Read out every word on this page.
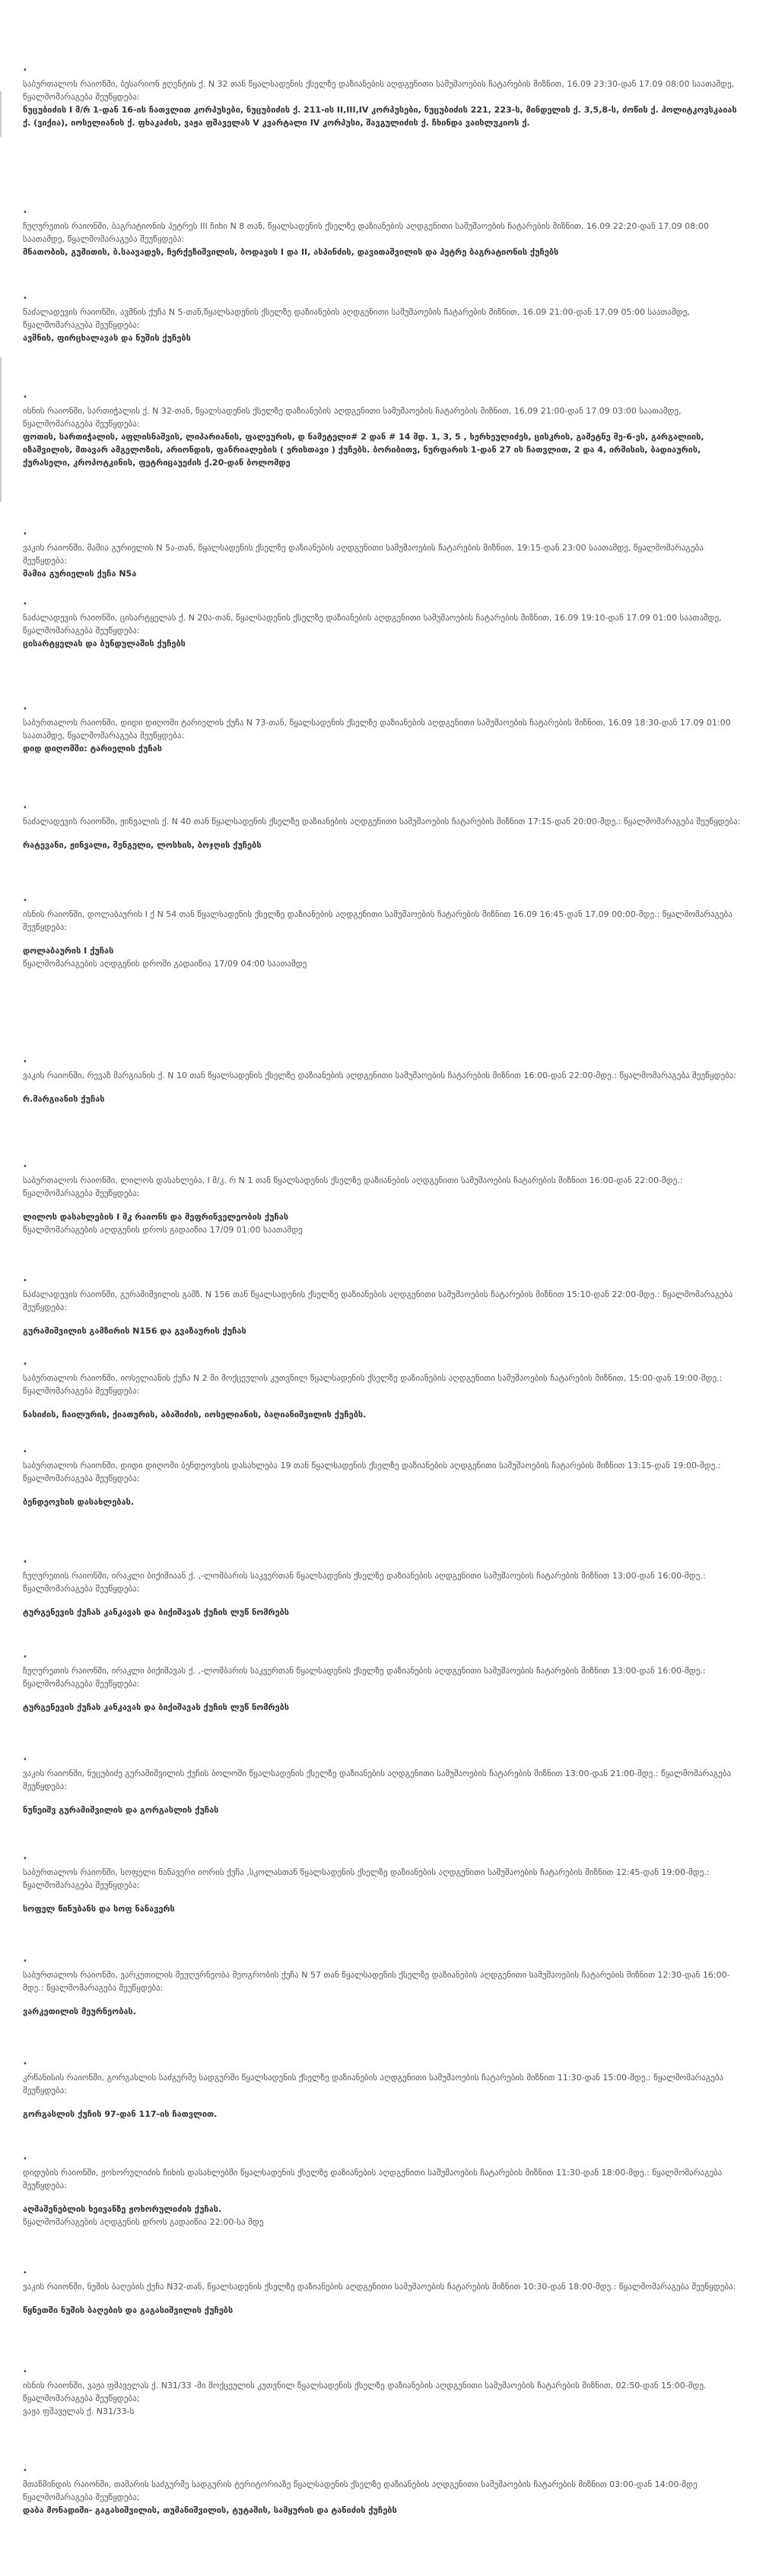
•

საბურთალოს რაიონში, ბესარიონ ჟღენტის ქ. N 32 თან წყალსადენის ქსელზე დაზიანების აღდგენითი სამუშაოების ჩატარების მიზნით, 16.09 23:30-დან 17.09 08:00 საათამდე, წყალმომარაგება შეუწყდება:

ნუცუბიძის I მ/რ 1-დან 16-ის ჩათვლით კორპუსები, ნუცუბიძის ქ. 211-ის II,III,IV კორპუსები, ნუცუბიძის 221, 223-ს, მინდელის ქ. 3,5,8-ს, ძოწის ქ. პოლიტკოვსკაიას ქ. (ვიქია), იოსელიანის ქ. ფხაკაძის, ვაჟა ფშაველას V კვარტალი IV კორპუსი, შავგულიძის ქ. ჩხინდა ვაისლუკიოს ქ.

•

ჩუღურეთის რაიონში, ბაგრატიონის პეტრეს III ჩიხი N 8 თან, წყალსადენის ქსელზე დაზიანების აღდგენითი სამუშაოების ჩატარების მიზნით, 16.09 22:20-დან 17.09 08:00 საათამდე, წყალმომარაგება შეუწყდება:

მნათობის, გუმითის, ბ.საავადეს, ჩერქეზიშვილის, ბოდავის I და II, ასპინძის, დავითაშვილის და პეტრე ბაგრატიონის ქუჩებს

•

ნაძალადევის რაიონში, ავშნის ქუჩა N 5-თან,წყალსადენის ქსელზე დაზიანების აღდგენითი სამუშაოების ჩატარების მიზნით, 16.09 21:00-დან 17.09 05:00 საათამდე, წყალმომარაგება შეუწყდება:

ავშნის, ფირცხალავას და ნუშის ქუჩებს

•

ისნის რაიონში, სართიჭალის ქ. N 32-თან, წყალსადენის ქსელზე დაზიანების აღდგენითი სამუშაოების ჩატარების მიზნით, 16.09 21:00-დან 17.09 03:00 საათამდე, წყალმომარაგება შეუწყდება:

ფოთის, სართიჭალის, აფლისნაშვის, ლიპარიანის, ფალეურის, დ ნამეტელი# 2 დან # 14 მდ. 1, 3, 5 , ხერხეულიძეს, ცისკრის, გამეტნე მე-6-ეს, გარგალიის, იზაშვილის, მთავარ ამგელოზის, არიონდის, ფანრიალების ( ერისთავი ) ქუჩებს. ბორიბითვ, ნურფარის 1-დან 27 ის ჩათვლით, 2 და 4, ირმისის, ბადიაურის, ქურასელი, კროპოტკინის, ფეტრიცაუეძის ქ.20-დან ბოლომდე

•

ვაკის რაიონში, მამია გურიელის N 5ა-თან, წყალსადენის ქსელზე დაზიანების აღდგენითი სამუშაოების ჩატარების მიზნით, 19:15-დან 23:00 საათამდე, წყალმომარაგება შეუწყდება:

მამია გურიელის ქუჩა N5ა

•

ნაძალადევის რაიონში, ცისარტყელას ქ. N 20ა-თან, წყალსადენის ქსელზე დაზიანების აღდგენითი სამუშაოების ჩატარების მიზნით, 16.09 19:10-დან 17.09 01:00 საათამდე, წყალმომარაგება შეუწყდება:

ცისარტყელას და ბუნდულაშის ქუჩებს

•

საბურთალოს რაიონში, დიდი დიღომი ტარიელის ქუჩა N 73-თან, წყალსადენის ქსელზე დაზიანების აღდგენითი სამუშაოების ჩატარების მიზნით, 16.09 18:30-დან 17.09 01:00 საათამდე, წყალმომარაგება შეუწყდება:

დიდ დიღომში: ტარიელის ქუჩას

•

ნაძალადევის რაიონში, ჟინვალის ქ. N 40 თან წყალსადენის ქსელზე დაზიანების აღდგენითი სამუშაოების ჩატარების მიზნით 17:15-დან 20:00-მდე.: წყალმომარაგება შეუწყდება:

რატევანი, ჟინვალი, შენგელი, ლოსხის, ბოჯღის ქუჩებს

•

ისნის რაიონში, დოლაბაურის I ქ N 54 თან წყალსადენის ქსელზე დაზიანების აღდგენითი სამუშაოების ჩატარების მიზნით 16.09 16:45-დან 17.09 00:00-მდე.: წყალმომარაგება შეუწყდება:

დოლაბაურის I ქუჩას

წყალმომარაგების აღდგენის დროში გადაიწია 17/09 04:00 საათამდე

•

ვაკის რაიონში, რევაზ მარგიანის ქ. N 10 თან წყალსადენის ქსელზე დაზიანების აღდგენითი სამუშაოების ჩატარების მიზნით 16:00-დან 22:00-მდე.: წყალმომარაგება შეუწყდება:

რ.მარგიანის ქუჩას

•

საბურთალოს რაიონში, ლილოს დასახლება, I მ/კ. რ N 1 თან წყალსადენის ქსელზე დაზიანების აღდგენითი სამუშაოების ჩატარების მიზნით 16:00-დან 22:00-მდე.: წყალმომარაგება შეუწყდება:

ლილოს დასახლების I მკ რაიონს და მეფრინველეობის ქუჩას

წყალმომარაგების აღდგენის დროს გადაიწია 17/09 01:00 საათამდე

•

ნაძალადევის რაიონში, გურამიშვილის გამზ. N 156 თან წყალსადენის ქსელზე დაზიანების აღდგენითი სამუშაოების ჩატარების მიზნით 15:10-დან 22:00-მდე.: წყალმომარაგება შეუწყდება:

გურამიშვილის გამზირის N156 და გვაზაურის ქუჩას

•

საბურთალოს რაიონში, იოსელიანის ქუჩა N 2 მი მოქცეულის კუთვნილ წყალსადენის ქსელზე დაზიანების აღდგენითი სამუშაოების ჩატარების მიზნით, 15:00-დან 19:00-მდე.: წყალმომარაგება შეუწყდება:

ნასიძის, ჩაილურის, ქიათურის, აბაშიძის, იოსელიანის, ბაღიანიშვილის ქუჩებს.

•

საბურთალოს რაიონში, დიდი დიღომი ბენდეოვსის დასახლება 19 თან წყალსადენის ქსელზე დაზიანების აღდგენითი სამუშაოების ჩატარების მიზნით 13:15-დან 19:00-მდე.: წყალმომარაგება შეუწყდება:

ბენდეოვსის დასახლებას.

•

ჩუღურეთის რაიონში, ირაკლი ბიქიშიაან ქ. ,-ლომბარის საკვერთან წყალსადენის ქსელზე დაზიანების აღდგენითი სამუშაოების ჩატარების მიზნით 13:00-დან 16:00-მდე.: წყალმომარაგება შეუწყდება:

ტურგენევის ქუჩას კანკავას და ბიქიშავას ქუჩის ლუწ ნომრებს

•

ჩუღურეთის რაიონში, ირაკლი ბიქიშავას ქ. ,-ლომბარის საკვერთან წყალსადენის ქსელზე დაზიანების აღდგენითი სამუშაოების ჩატარების მიზნით 13:00-დან 16:00-მდე.: წყალმომარაგება შეუწყდება:

ტურგენევის ქუჩას კანკავას და ბიქიშავას ქუჩის ლუწ ნომრებს

•

ვაკის რაიონში, ნუცუბიძე გურამიშვილის ქუჩის ბოლოში წყალსადენის ქსელზე დაზიანების აღდგენითი სამუშაოების ჩატარების მიზნით 13:00-დან 21:00-მდე.: წყალმომარაგება შეუწყდება:

ნუნეიშვ გურამიშვილის და გორგასლის ქუჩას

•

საბურთალოს რაიონში, სოფელი ნანავერი იორის ქუჩა ,სკოლასთან წყალსადენის ქსელზე დაზიანების აღდგენითი სამუშაოების ჩატარების მიზნით 12:45-დან 19:00-მდე.: წყალმომარაგება შეუწყდება:

სოფელ წინუბანს და სოფ ნანავერს

•

საბურთალოს რაიონში, ვარკეთილის მეუღურნეობა მეოგრობის ქუჩა N 57 თან წყალსადენის ქსელზე დაზიანების აღდგენითი სამუშაოების ჩატარების მიზნით 12:30-დან 16:00-მდე.: წყალმომარაგება შეუწყდება:

ვარკეთილის მეურნეობას.

•

კრწანისის რაიონში, გორგასლის საძგურმე სადგურში წყალსადენის ქსელზე დაზიანების აღდგენითი სამუშაოების ჩატარების მიზნით 11:30-დან 15:00-მდე.: წყალმომარაგება შეუწყდება:

გორგასლის ქუჩის 97-დან 117-ის ჩათვლით.

•

დიდუბის რაიონში, ჟოხორულიძის ჩიხის დასახლებში წყალსადენის ქსელზე დაზიანების აღდგენითი სამუშაოების ჩატარების მიზნით 11:30-დან 18:00-მდე.: წყალმომარაგება შეუწყდება:

აღმაშენებლის ხეივანზე ჟოხორულიძის ქუჩას.

წყალმომარაგების აღდგენის დროს გადაიწია 22:00-სა მდე

•

ვაკის რაიონში, ნუშის ბაღების ქუჩა N32-თან, წყალსადენის ქსელზე დაზიანების აღდგენითი სამუშაოების ჩატარების მიზნით 10:30-დან 18:00-მდე.: წყალმომარაგება შეუწყდება:

წყნეთში ნუშის ბაღების და გაგასიშვილის ქუჩებს

•

ისნის რაიონში, ვაჟა ფშაველას ქ. N31/33 -მი მოქცეულის კუთვნილ წყალსადენის ქსელზე დაზიანების აღდგენითი სამუშაოების ჩატარების მიზნით, 02:50-დან 15:00-მდე. წყალმომარაგება შეუწყდება;

ვაჟა ფშაველას ქ. N31/33-ს

•

მთაწმინდის რაიონში, თამარის საძგურმე სადგურის ტერიტორიაზე წყალსადენის ქსელზე დაზიანების აღდგენითი სამუშაოების ჩატარების მიზნით 03:00-დან 14:00-მდე წყალმომარაგება შეუწყდება;

დაბა მონადიში- გაგასიშვილის, თუმანიშვილის, ტუტაშის, სამყურის და ტანიძის ქუჩებს
